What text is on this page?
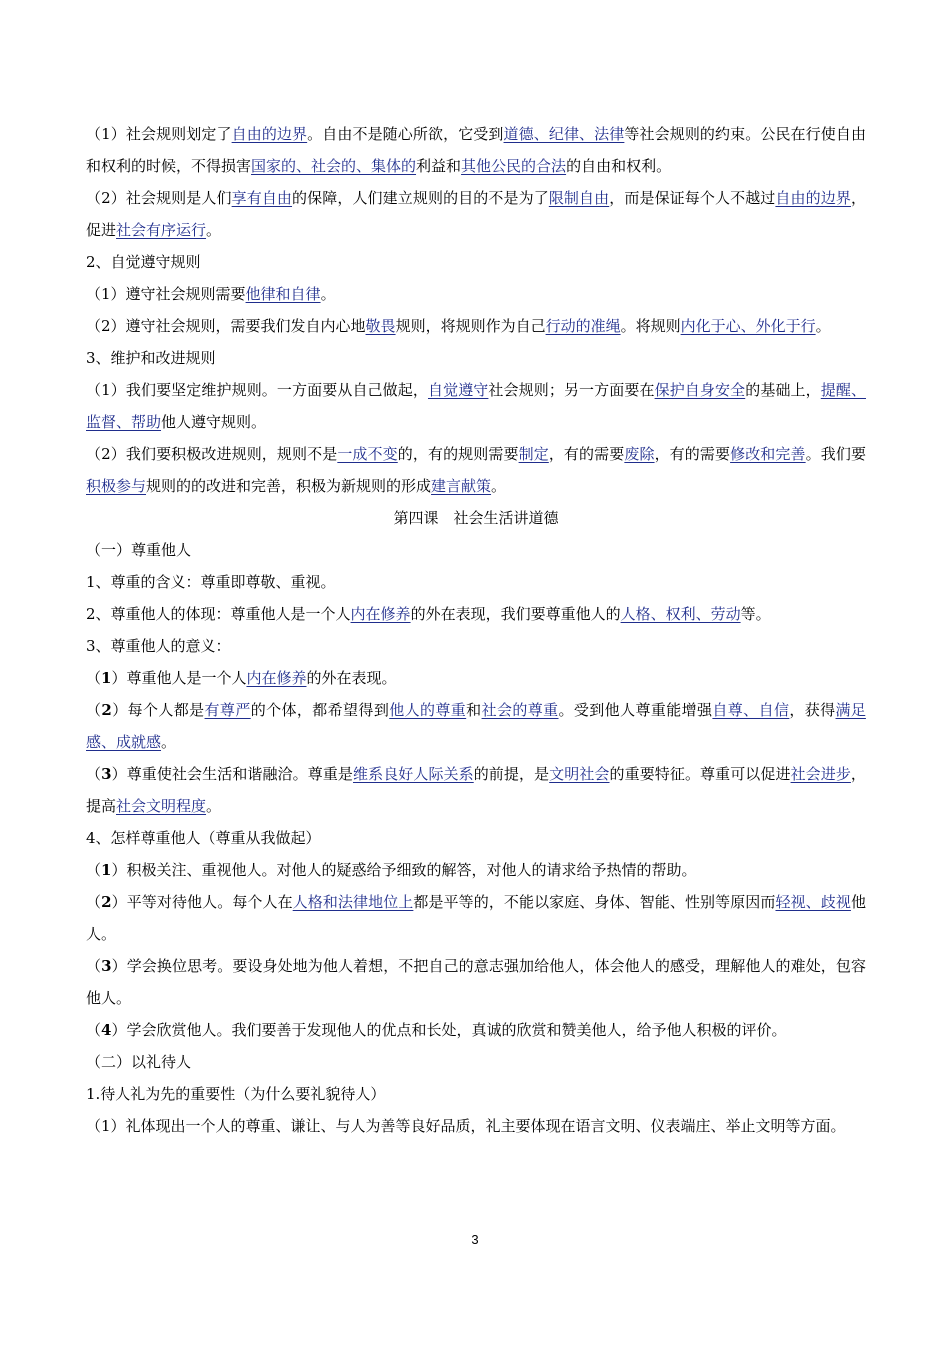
（1）社会规则划定了自由的边界。自由不是随心所欲，它受到道德、纪律、法律等社会规则的约束。公民在行使自由和权利的时候，不得损害国家的、社会的、集体的利益和其他公民的合法的自由和权利。

（2）社会规则是人们享有自由的保障，人们建立规则的目的不是为了限制自由，而是保证每个人不越过自由的边界，促进社会有序运行。

2、自觉遵守规则

（1）遵守社会规则需要他律和自律。

（2）遵守社会规则，需要我们发自内心地敬畏规则，将规则作为自己行动的准绳。将规则内化于心、外化于行。

3、维护和改进规则

（1）我们要坚定维护规则。一方面要从自己做起，自觉遵守社会规则；另一方面要在保护自身安全的基础上，提醒、监督、帮助他人遵守规则。

（2）我们要积极改进规则，规则不是一成不变的，有的规则需要制定，有的需要废除，有的需要修改和完善。我们要积极参与规则的的改进和完善，积极为新规则的形成建言献策。

第四课　社会生活讲道德

（一）尊重他人

1、尊重的含义：尊重即尊敬、重视。

2、尊重他人的体现：尊重他人是一个人内在修养的外在表现，我们要尊重他人的人格、权利、劳动等。

3、尊重他人的意义：

（1）尊重他人是一个人内在修养的外在表现。

（2）每个人都是有尊严的个体，都希望得到他人的尊重和社会的尊重。受到他人尊重能增强自尊、自信，获得满足感、成就感。

（3）尊重使社会生活和谐融洽。尊重是维系良好人际关系的前提，是文明社会的重要特征。尊重可以促进社会进步，提高社会文明程度。

4、怎样尊重他人（尊重从我做起）

（1）积极关注、重视他人。对他人的疑惑给予细致的解答，对他人的请求给予热情的帮助。

（2）平等对待他人。每个人在人格和法律地位上都是平等的，不能以家庭、身体、智能、性别等原因而轻视、歧视他人。

（3）学会换位思考。要设身处地为他人着想，不把自己的意志强加给他人，体会他人的感受，理解他人的难处，包容他人。

（4）学会欣赏他人。我们要善于发现他人的优点和长处，真诚的欣赏和赞美他人，给予他人积极的评价。

（二）以礼待人

1.待人礼为先的重要性（为什么要礼貌待人）

（1）礼体现出一个人的尊重、谦让、与人为善等良好品质，礼主要体现在语言文明、仪表端庄、举止文明等方面。

3
